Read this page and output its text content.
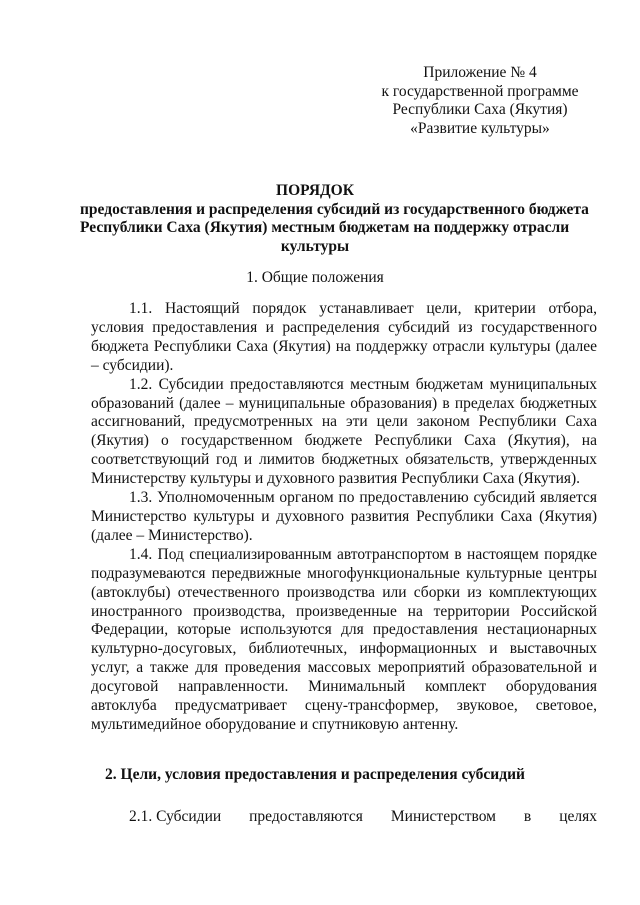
Приложение № 4
к государственной программе
Республики Саха (Якутия)
«Развитие культуры»
ПОРЯДОК
предоставления и распределения субсидий из государственного бюджета
Республики Саха (Якутия) местным бюджетам на поддержку отрасли
культуры
1. Общие положения

1.1. Настоящий порядок устанавливает цели, критерии отбора, условия предоставления и распределения субсидий из государственного бюджета Республики Саха (Якутия) на поддержку отрасли культуры (далее – субсидии).

1.2. Субсидии предоставляются местным бюджетам муниципальных образований (далее – муниципальные образования) в пределах бюджетных ассигнований, предусмотренных на эти цели законом Республики Саха (Якутия) о государственном бюджете Республики Саха (Якутия), на соответствующий год и лимитов бюджетных обязательств, утвержденных Министерству культуры и духовного развития Республики Саха (Якутия).

1.3. Уполномоченным органом по предоставлению субсидий является Министерство культуры и духовного развития Республики Саха (Якутия) (далее – Министерство).

1.4. Под специализированным автотранспортом в настоящем порядке подразумеваются передвижные многофункциональные культурные центры (автоклубы) отечественного производства или сборки из комплектующих иностранного производства, произведенные на территории Российской Федерации, которые используются для предоставления нестационарных культурно-досуговых, библиотечных, информационных и выставочных услуг, а также для проведения массовых мероприятий образовательной и досуговой направленности. Минимальный комплект оборудования автоклуба предусматривает сцену-трансформер, звуковое, световое, мультимедийное оборудование и спутниковую антенну.

2. Цели, условия предоставления и распределения субсидий
2.1. Субсидии предоставляются Министерством в целях
